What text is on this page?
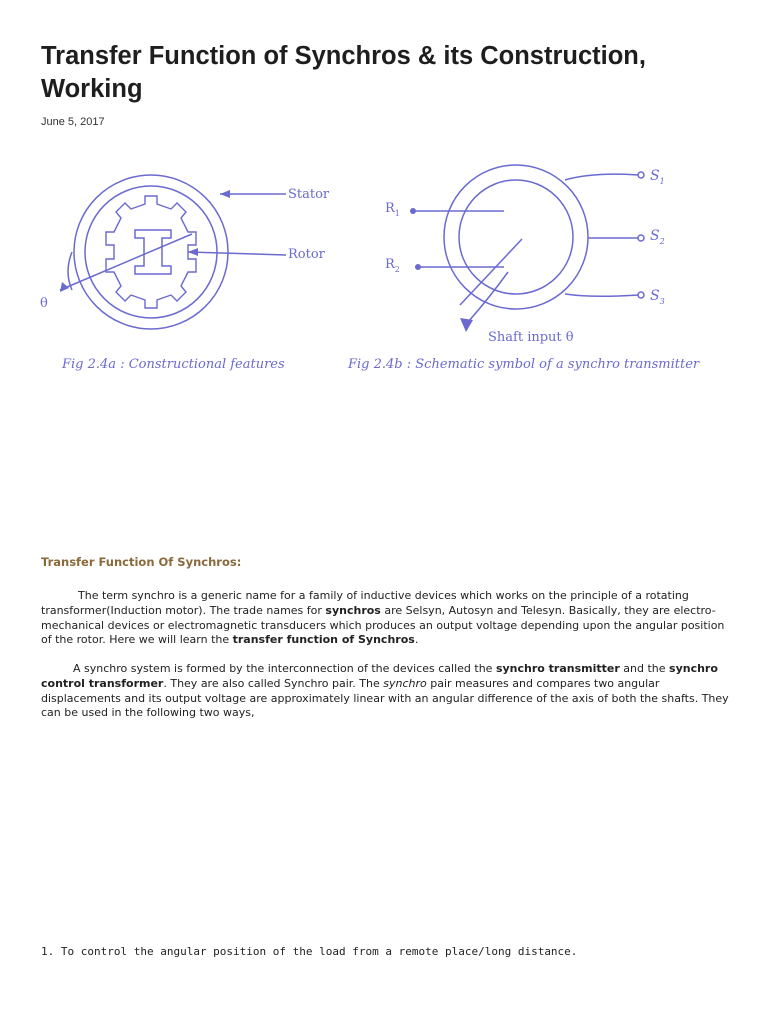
Transfer Function of Synchros & its Construction, Working
June 5, 2017
Stator
Rotor
θ
$R_1$
$R_2$
$S_1$
$S_2$
$S_3$
Shaft input θ
Fig 2.4a : Constructional features	Fig 2.4b : Schematic symbol of a synchro transmitter
Transfer Function Of Synchros:

The term synchro is a generic name for a family of inductive devices which works on the principle of a rotating transformer(Induction motor). The trade names for synchros are Selsyn, Autosyn and Telesyn. Basically, they are electro-mechanical devices or electromagnetic transducers which produces an output voltage depending upon the angular position of the rotor. Here we will learn the transfer function of Synchros.

A synchro system is formed by the interconnection of the devices called the synchro transmitter and the synchro control transformer. They are also called Synchro pair. The synchro pair measures and compares two angular displacements and its output voltage are approximately linear with an angular difference of the axis of both the shafts. They can be used in the following two ways,

1. To control the angular position of the load from a remote place/long distance.
